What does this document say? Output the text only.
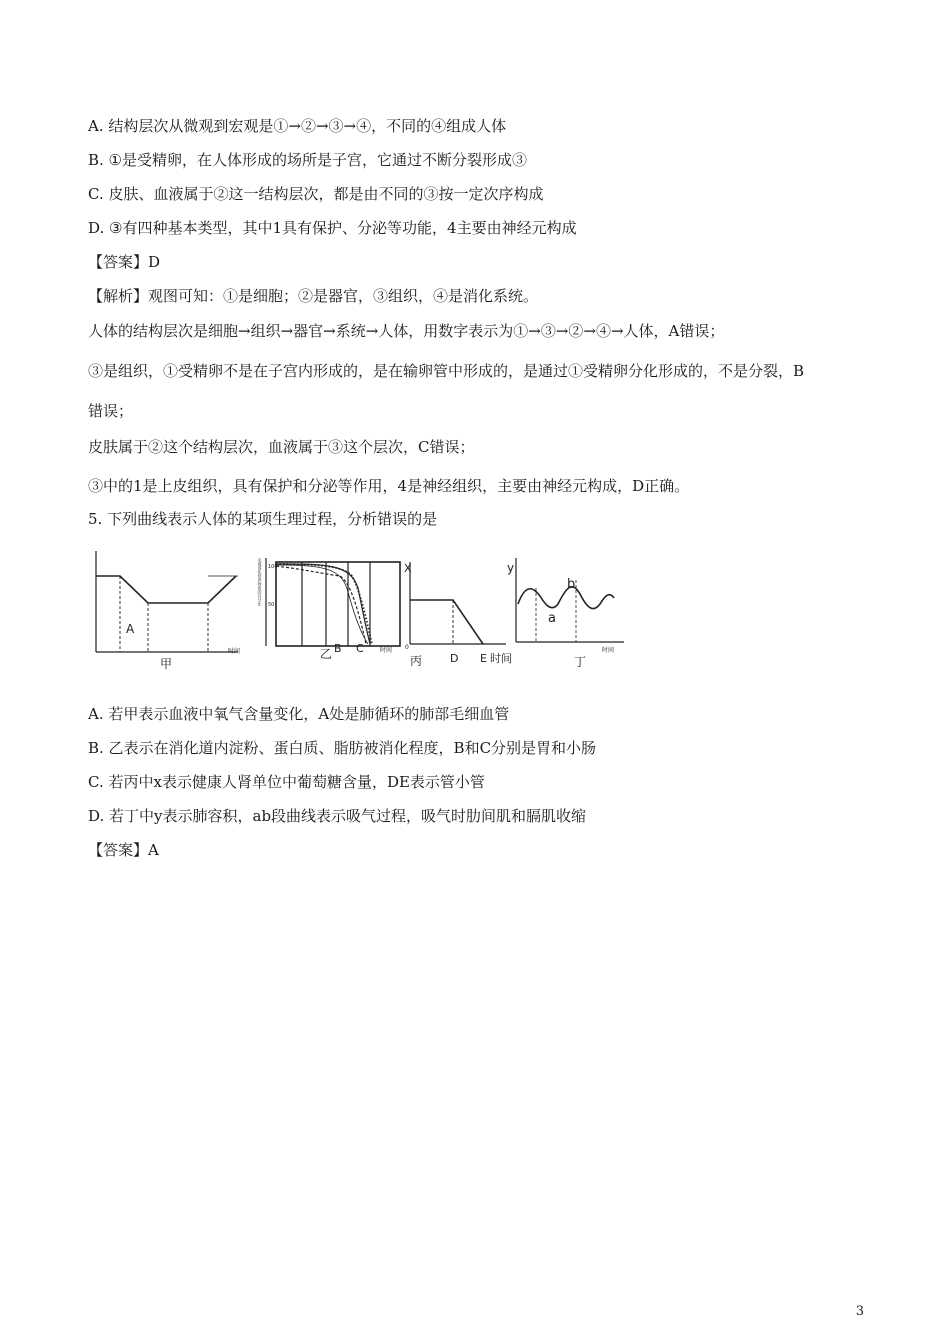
A. 结构层次从微观到宏观是①→②→③→④，不同的④组成人体
B. ①是受精卵，在人体形成的场所是子宫，它通过不断分裂形成③
C. 皮肤、血液属于②这一结构层次，都是由不同的③按一定次序构成
D. ③有四种基本类型，其中1具有保护、分泌等功能，4主要由神经元构成
【答案】D
【解析】观图可知：①是细胞；②是器官，③组织，④是消化系统。
人体的结构层次是细胞→组织→器官→系统→人体，用数字表示为①→③→②→④→人体，A错误；
③是组织，①受精卵不是在子宫内形成的，是在输卵管中形成的，是通过①受精卵分化形成的，不是分裂，B
错误；
皮肤属于②这个结构层次，血液属于③这个层次，C错误；
③中的1是上皮组织，具有保护和分泌等作用，4是神经组织，主要由神经元构成，D正确。
5. 下列曲线表示人体的某项生理过程，分析错误的是
A
时间
甲
100
50
未被消化营养物质的百分比
乙 B C	时间
X
0
丙	D E 时间
y
a
b
丁
时间
A. 若甲表示血液中氧气含量变化，A处是肺循环的肺部毛细血管
B. 乙表示在消化道内淀粉、蛋白质、脂肪被消化程度，B和C分别是胃和小肠
C. 若丙中x表示健康人肾单位中葡萄糖含量，DE表示管小管
D. 若丁中y表示肺容积，ab段曲线表示吸气过程，吸气时肋间肌和膈肌收缩
【答案】A
3
